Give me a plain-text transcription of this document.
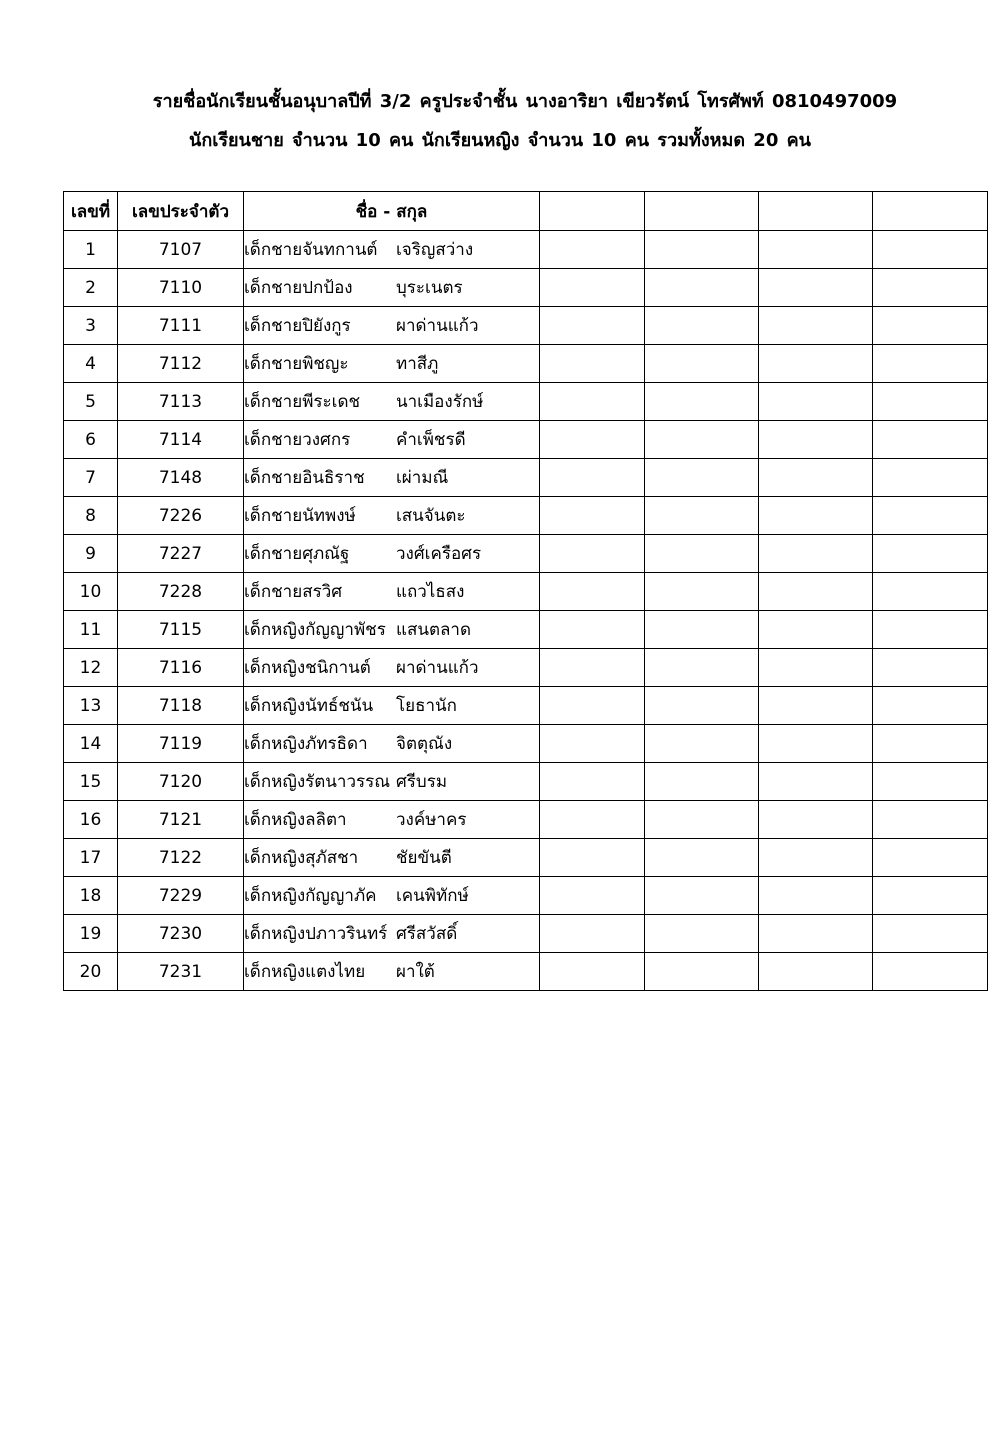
รายชื่อนักเรียนชั้นอนุบาลปีที่ 3/2 ครูประจำชั้น นางอาริยา เขียวรัตน์ โทรศัพท์ 0810497009
นักเรียนชาย จำนวน 10 คน นักเรียนหญิง จำนวน 10 คน รวมทั้งหมด 20 คน
เลขที่	เลขประจำตัว	ชื่อ - สกุล				
1	7107	เด็กชายจันทกานต์ เจริญสว่าง				
2	7110	เด็กชายปกป้อง บุระเนตร				
3	7111	เด็กชายปิยังกูร ผาด่านแก้ว				
4	7112	เด็กชายพิชญะ ทาสีภู				
5	7113	เด็กชายพีระเดช นาเมืองรักษ์				
6	7114	เด็กชายวงศกร คำเพ็ชรดี				
7	7148	เด็กชายอินธิราช เผ่ามณี				
8	7226	เด็กชายนัทพงษ์ เสนจันตะ				
9	7227	เด็กชายศุภณัฐ วงศ์เครือศร				
10	7228	เด็กชายสรวิศ แถวไธสง				
11	7115	เด็กหญิงกัญญาพัชร แสนตลาด				
12	7116	เด็กหญิงชนิกานต์ ผาด่านแก้ว				
13	7118	เด็กหญิงนัทธ์ชนัน โยธานัก				
14	7119	เด็กหญิงภัทรธิดา จิตตุณัง				
15	7120	เด็กหญิงรัตนาวรรณ ศรีบรม				
16	7121	เด็กหญิงลลิตา วงค์ษาคร				
17	7122	เด็กหญิงสุภัสชา ชัยขันตี				
18	7229	เด็กหญิงกัญญาภัค เคนพิทักษ์				
19	7230	เด็กหญิงปภาวรินทร์ ศรีสวัสดิ์				
20	7231	เด็กหญิงแตงไทย ผาใต้				
